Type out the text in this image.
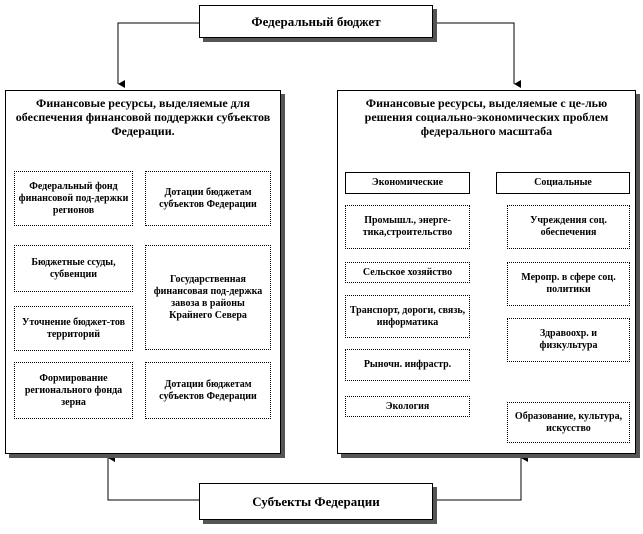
Федеральный бюджет
Финансовые ресурсы, выделяемые для обеспечения финансовой поддержки субъектов Федерации.
Федеральный фонд финансовой под-держки регионов
Дотации бюджетам субъектов Федерации
Бюджетные ссуды, субвенции	Государственная финансовая под-держка завоза в районы Крайнего Севера
Уточнение бюджет-тов территорий
Формирование регионального фонда зерна
Дотации бюджетам субъектов Федерации
Финансовые ресурсы, выделяемые с це-лью решения социально-экономических проблем федерального масштаба
Экономические	Социальные
Промышл., энерге-тика,строительство
Сельское хозяйство
Транспорт, дороги, связь, информатика
Рыночн. инфрастр.
Экология
Учреждения соц. обеспечения
Меропр. в сфере соц. политики
Здравоохр. и физкультура
Образование, культура, искусство
Субъекты Федерации
